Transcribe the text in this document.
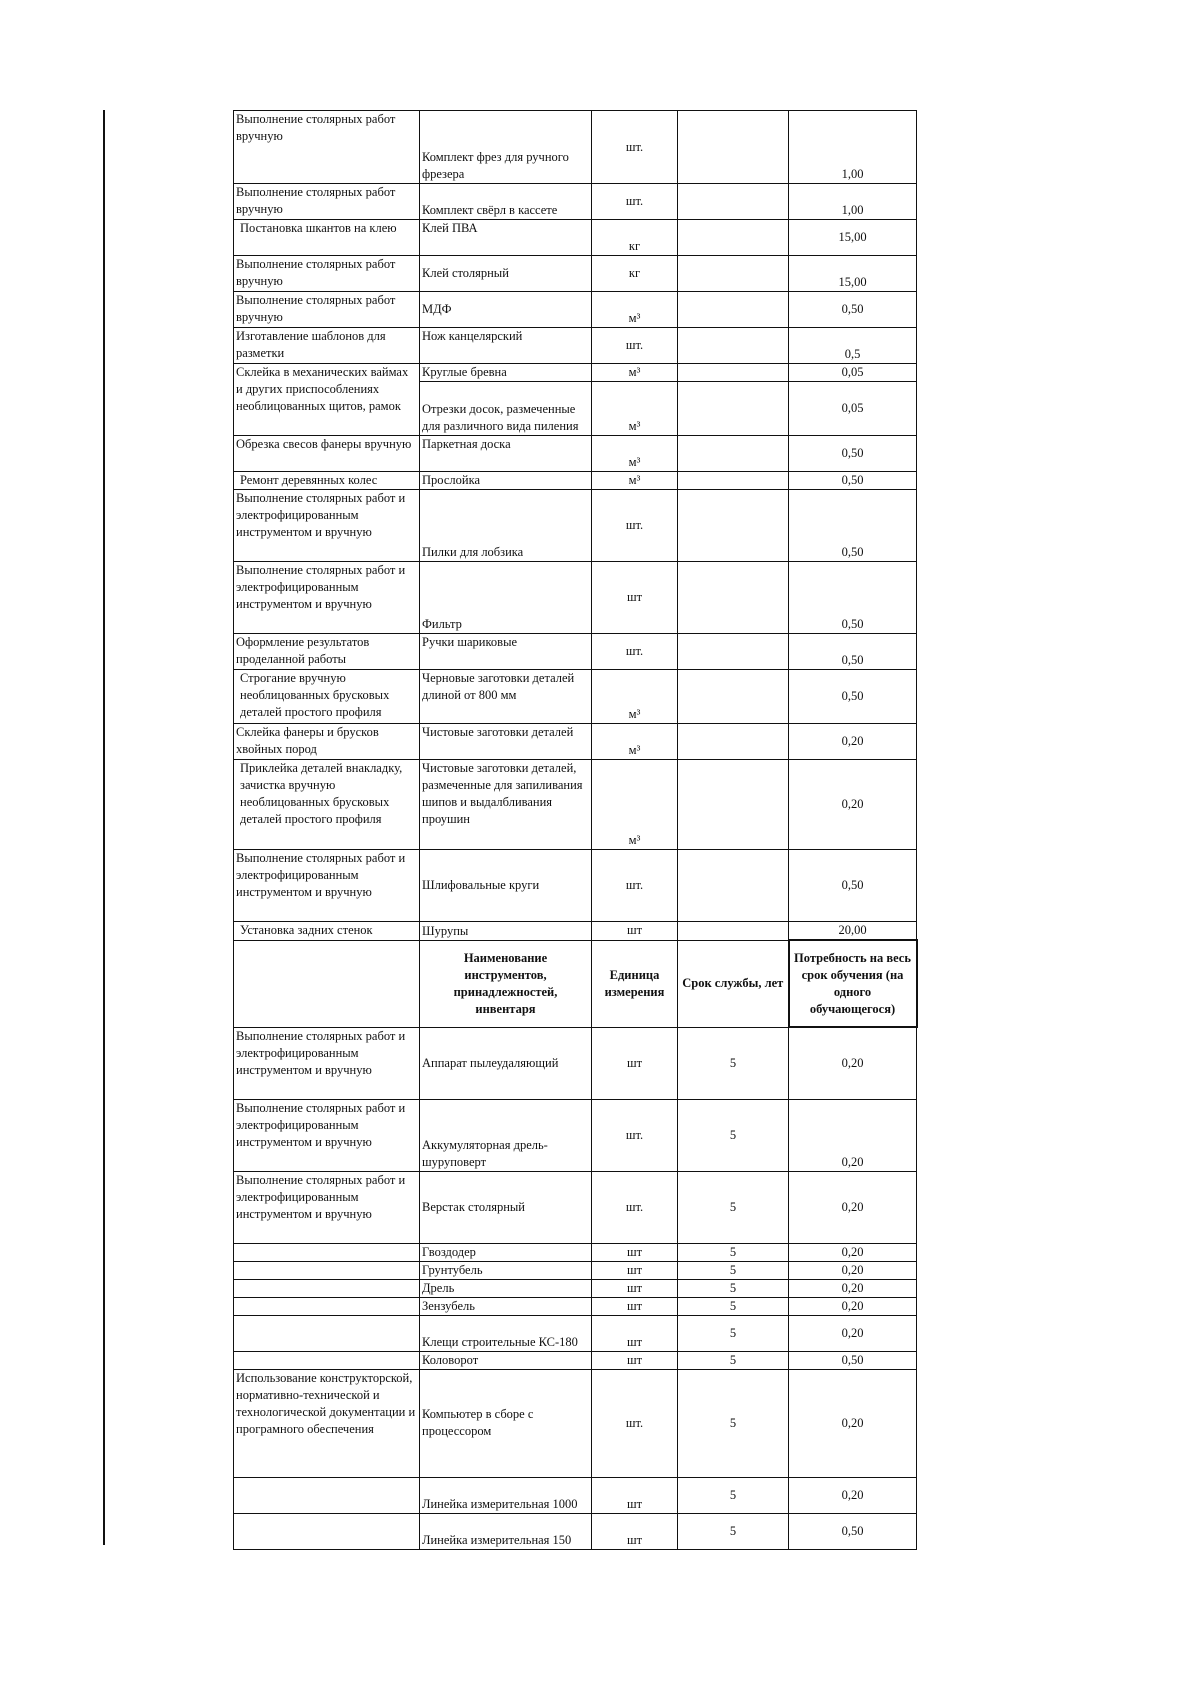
Выполнение столярных работ вручную	Комплект фрез для ручного фрезера	шт.		1,00
Выполнение столярных работ вручную	Комплект свёрл в кассете	шт.		1,00
Постановка шкантов на клею	Клей ПВА	кг		15,00
Выполнение столярных работ вручную	Клей столярный	кг		15,00
Выполнение столярных работ вручную	МДФ	м³		0,50
Изготавление шаблонов для разметки	Нож канцелярский	шт.		0,5
Склейка в механических ваймах и других приспособлениях необлицованных щитов, рамок	Круглые бревна	м³		0,05
	Отрезки досок, размеченные для различного вида пиления	м³		0,05
Обрезка свесов фанеры вручную	Паркетная доска	м³		0,50
Ремонт деревянных колес	Прослойка	м³		0,50
Выполнение столярных работ и электрофицированным инструментом и вручную	Пилки для лобзика	шт.		0,50
Выполнение столярных работ и электрофицированным инструментом и вручную	Фильтр	шт		0,50
Оформление результатов проделанной работы	Ручки шариковые	шт.		0,50
Строгание вручную необлицованных брусковых деталей простого профиля	Черновые заготовки деталей длиной от 800 мм	м³		0,50
Склейка фанеры и брусков хвойных пород	Чистовые заготовки деталей	м³		0,20
Приклейка деталей внакладку, зачистка вручную необлицованных брусковых деталей простого профиля	Чистовые заготовки деталей, размеченные для запиливания шипов и выдалбливания проушин	м³		0,20
Выполнение столярных работ и электрофицированным инструментом и вручную	Шлифовальные круги	шт.		0,50
Установка задних стенок	Шурупы	шт		20,00
	Наименование инструментов, принадлежностей, инвентаря	Единица измерения	Срок службы, лет	Потребность на весь срок обучения (на одного обучающегося)
Выполнение столярных работ и электрофицированным инструментом и вручную	Аппарат пылеудаляющий	шт	5	0,20
Выполнение столярных работ и электрофицированным инструментом и вручную	Аккумуляторная дрель-шуруповерт	шт.	5	0,20
Выполнение столярных работ и электрофицированным инструментом и вручную	Верстак столярный	шт.	5	0,20
	Гвоздодер	шт	5	0,20
	Грунтубель	шт	5	0,20
	Дрель	шт	5	0,20
	Зензубель	шт	5	0,20
	Клещи строительные КС-180	шт	5	0,20
	Коловорот	шт	5	0,50
Использование конструкторской, нормативно-технической и технологической документации и програмного обеспечения	Компьютер в сборе с процессором	шт.	5	0,20
	Линейка измерительная 1000	шт	5	0,20
	Линейка измерительная 150	шт	5	0,50
